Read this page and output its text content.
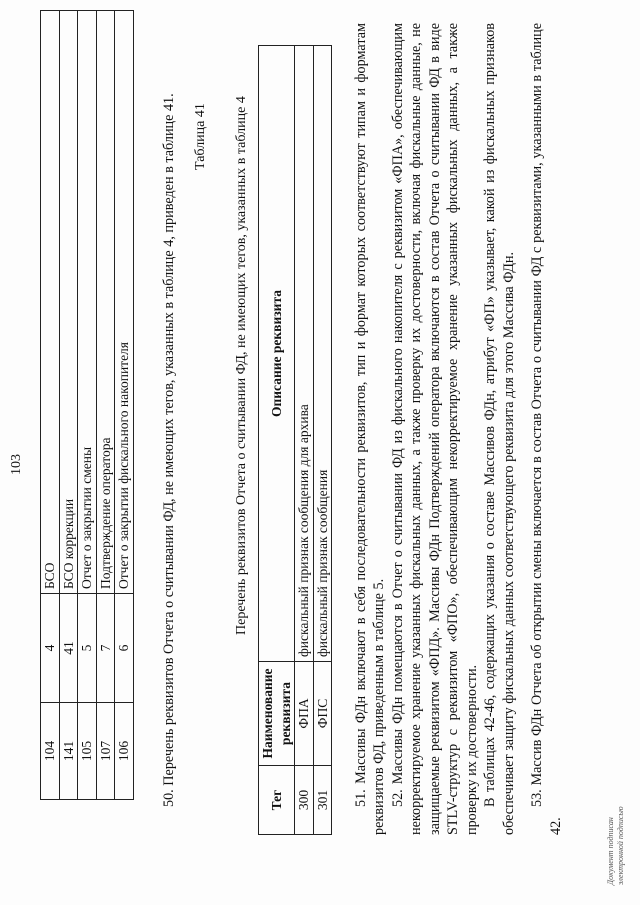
103
104	4	БСО
141	41	БСО коррекции
105	5	Отчет о закрытии смены
107	7	Подтверждение оператора
106	6	Отчет о закрытии фискального накопителя 50. Перечень реквизитов Отчета о считывании ФД, не имеющих тегов, указанных в таблице 4, приведен в таблице 41. Таблица 41 Перечень реквизитов Отчета о считывании ФД, не имеющих тегов, указанных в таблице 4
Тег	Наименование реквизита	Описание реквизита
300	ФПА	фискальный признак сообщения для архива
301	ФПС	фискальный признак сообщения 51. Массивы ФДн включают в себя последовательности реквизитов, тип и формат которых соответствуют типам и форматам реквизитов ФД, приведенным в таблице 5. 52. Массивы ФДн помещаются в Отчет о считывании ФД из фискального накопителя с реквизитом «ФПА», обеспечивающим некорректируемое хранение указанных фискальных данных, а также проверку их достоверности, включая фискальные данные, не защищаемые реквизитом «ФПД». Массивы ФДн Подтверждений оператора включаются в состав Отчета о считывании ФД в виде STLV-структур с реквизитом «ФПО», обеспечивающим некорректируемое хранение указанных фискальных данных, а также проверку их достоверности. В таблицах 42-46, содержащих указания о составе Массивов ФДн, атрибут «ФП» указывает, какой из фискальных признаков обеспечивает защиту фискальных данных соответствующего реквизита для этого Массива ФДн. 53. Массив ФДн Отчета об открытии смены включается в состав Отчета о считывании ФД с реквизитами, указанными в таблице 42.	Документ подписан электронной подписью
